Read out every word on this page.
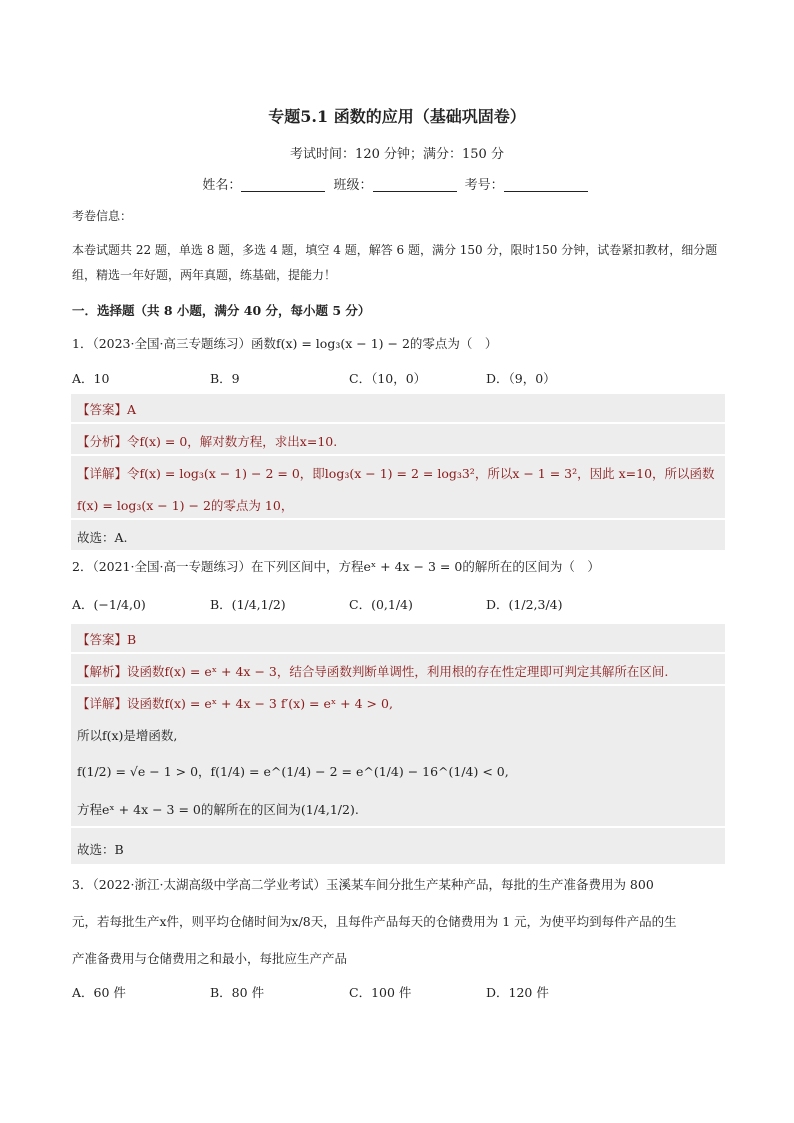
专题5.1 函数的应用（基础巩固卷）
考试时间：120 分钟；满分：150 分
姓名：	班级：	考号：
考卷信息：
本卷试题共 22 题，单选 8 题，多选 4 题，填空 4 题，解答 6 题，满分 150 分，限时150 分钟，试卷紧扣教材，细分题组，精选一年好题，两年真题，练基础，提能力！
一．选择题（共 8 小题，满分 40 分，每小题 5 分）
1．（2023·全国·高三专题练习）函数f(x) = log₃(x − 1) − 2的零点为（　）
A．10	B．9	C．（10，0）	D．（9，0）
【答案】A
【分析】令f(x) = 0，解对数方程，求出x=10.
【详解】令f(x) = log₃(x − 1) − 2 = 0，即log₃(x − 1) = 2 = log₃3²，所以x − 1 = 3²，因此 x=10，所以函数
f(x) = log₃(x − 1) − 2的零点为 10，
故选：A.
2．（2021·全国·高一专题练习）在下列区间中，方程eˣ + 4x − 3 = 0的解所在的区间为（　）
A．(−1/4,0)	B．(1/4,1/2)	C．(0,1/4)	D．(1/2,3/4)
【答案】B
【解析】设函数f(x) = eˣ + 4x − 3，结合导函数判断单调性，利用根的存在性定理即可判定其解所在区间.
【详解】设函数f(x) = eˣ + 4x − 3 f′(x) = eˣ + 4 > 0,
所以f(x)是增函数,
f(1/2) = √e − 1 > 0，f(1/4) = e^(1/4) − 2 = e^(1/4) − 16^(1/4) < 0,
方程eˣ + 4x − 3 = 0的解所在的区间为(1/4,1/2).
故选：B
3．（2022·浙江·太湖高级中学高二学业考试）玉溪某车间分批生产某种产品，每批的生产准备费用为 800
元，若每批生产x件，则平均仓储时间为x/8天，且每件产品每天的仓储费用为 1 元，为使平均到每件产品的生
产准备费用与仓储费用之和最小，每批应生产产品
A．60 件	B．80 件	C．100 件	D．120 件
